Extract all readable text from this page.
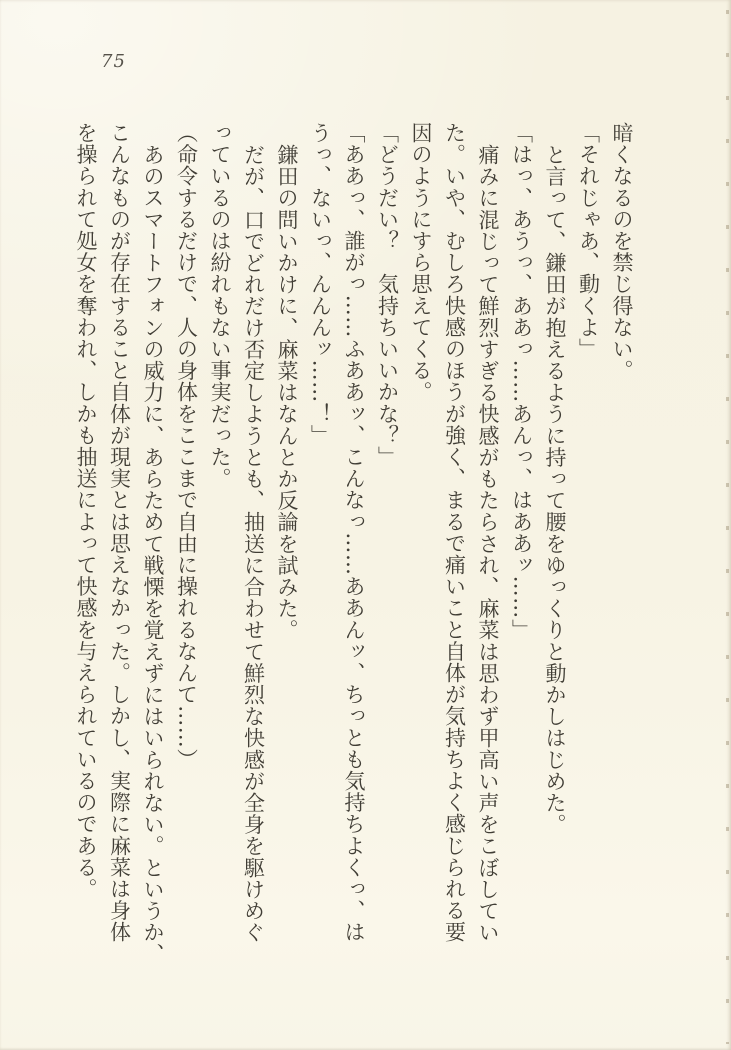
75
暗くなるのを禁じ得ない。
「それじゃあ、動くよ」
と言って、鎌田が抱えるように持って腰をゆっくりと動かしはじめた。
「はっ、あうっ、ああっ……あんっ、はああッ……」
痛みに混じって鮮烈すぎる快感がもたらされ、麻菜は思わず甲高い声をこぼしてい
た。いや、むしろ快感のほうが強く、まるで痛いこと自体が気持ちよく感じられる要
因のようにすら思えてくる。
「どうだい？　気持ちいいかな？」
「ああっ、誰がっ……ふああッ、こんなっ……ああんッ、ちっとも気持ちよくっ、は
うっ、ないっ、んんんッ……！」
鎌田の問いかけに、麻菜はなんとか反論を試みた。
だが、口でどれだけ否定しようとも、抽送に合わせて鮮烈な快感が全身を駆けめぐ
っているのは紛れもない事実だった。
（命令するだけで、人の身体をここまで自由に操れるなんて……）
あのスマートフォンの威力に、あらためて戦慄を覚えずにはいられない。というか、
こんなものが存在すること自体が現実とは思えなかった。しかし、実際に麻菜は身体
を操られて処女を奪われ、しかも抽送によって快感を与えられているのである。
